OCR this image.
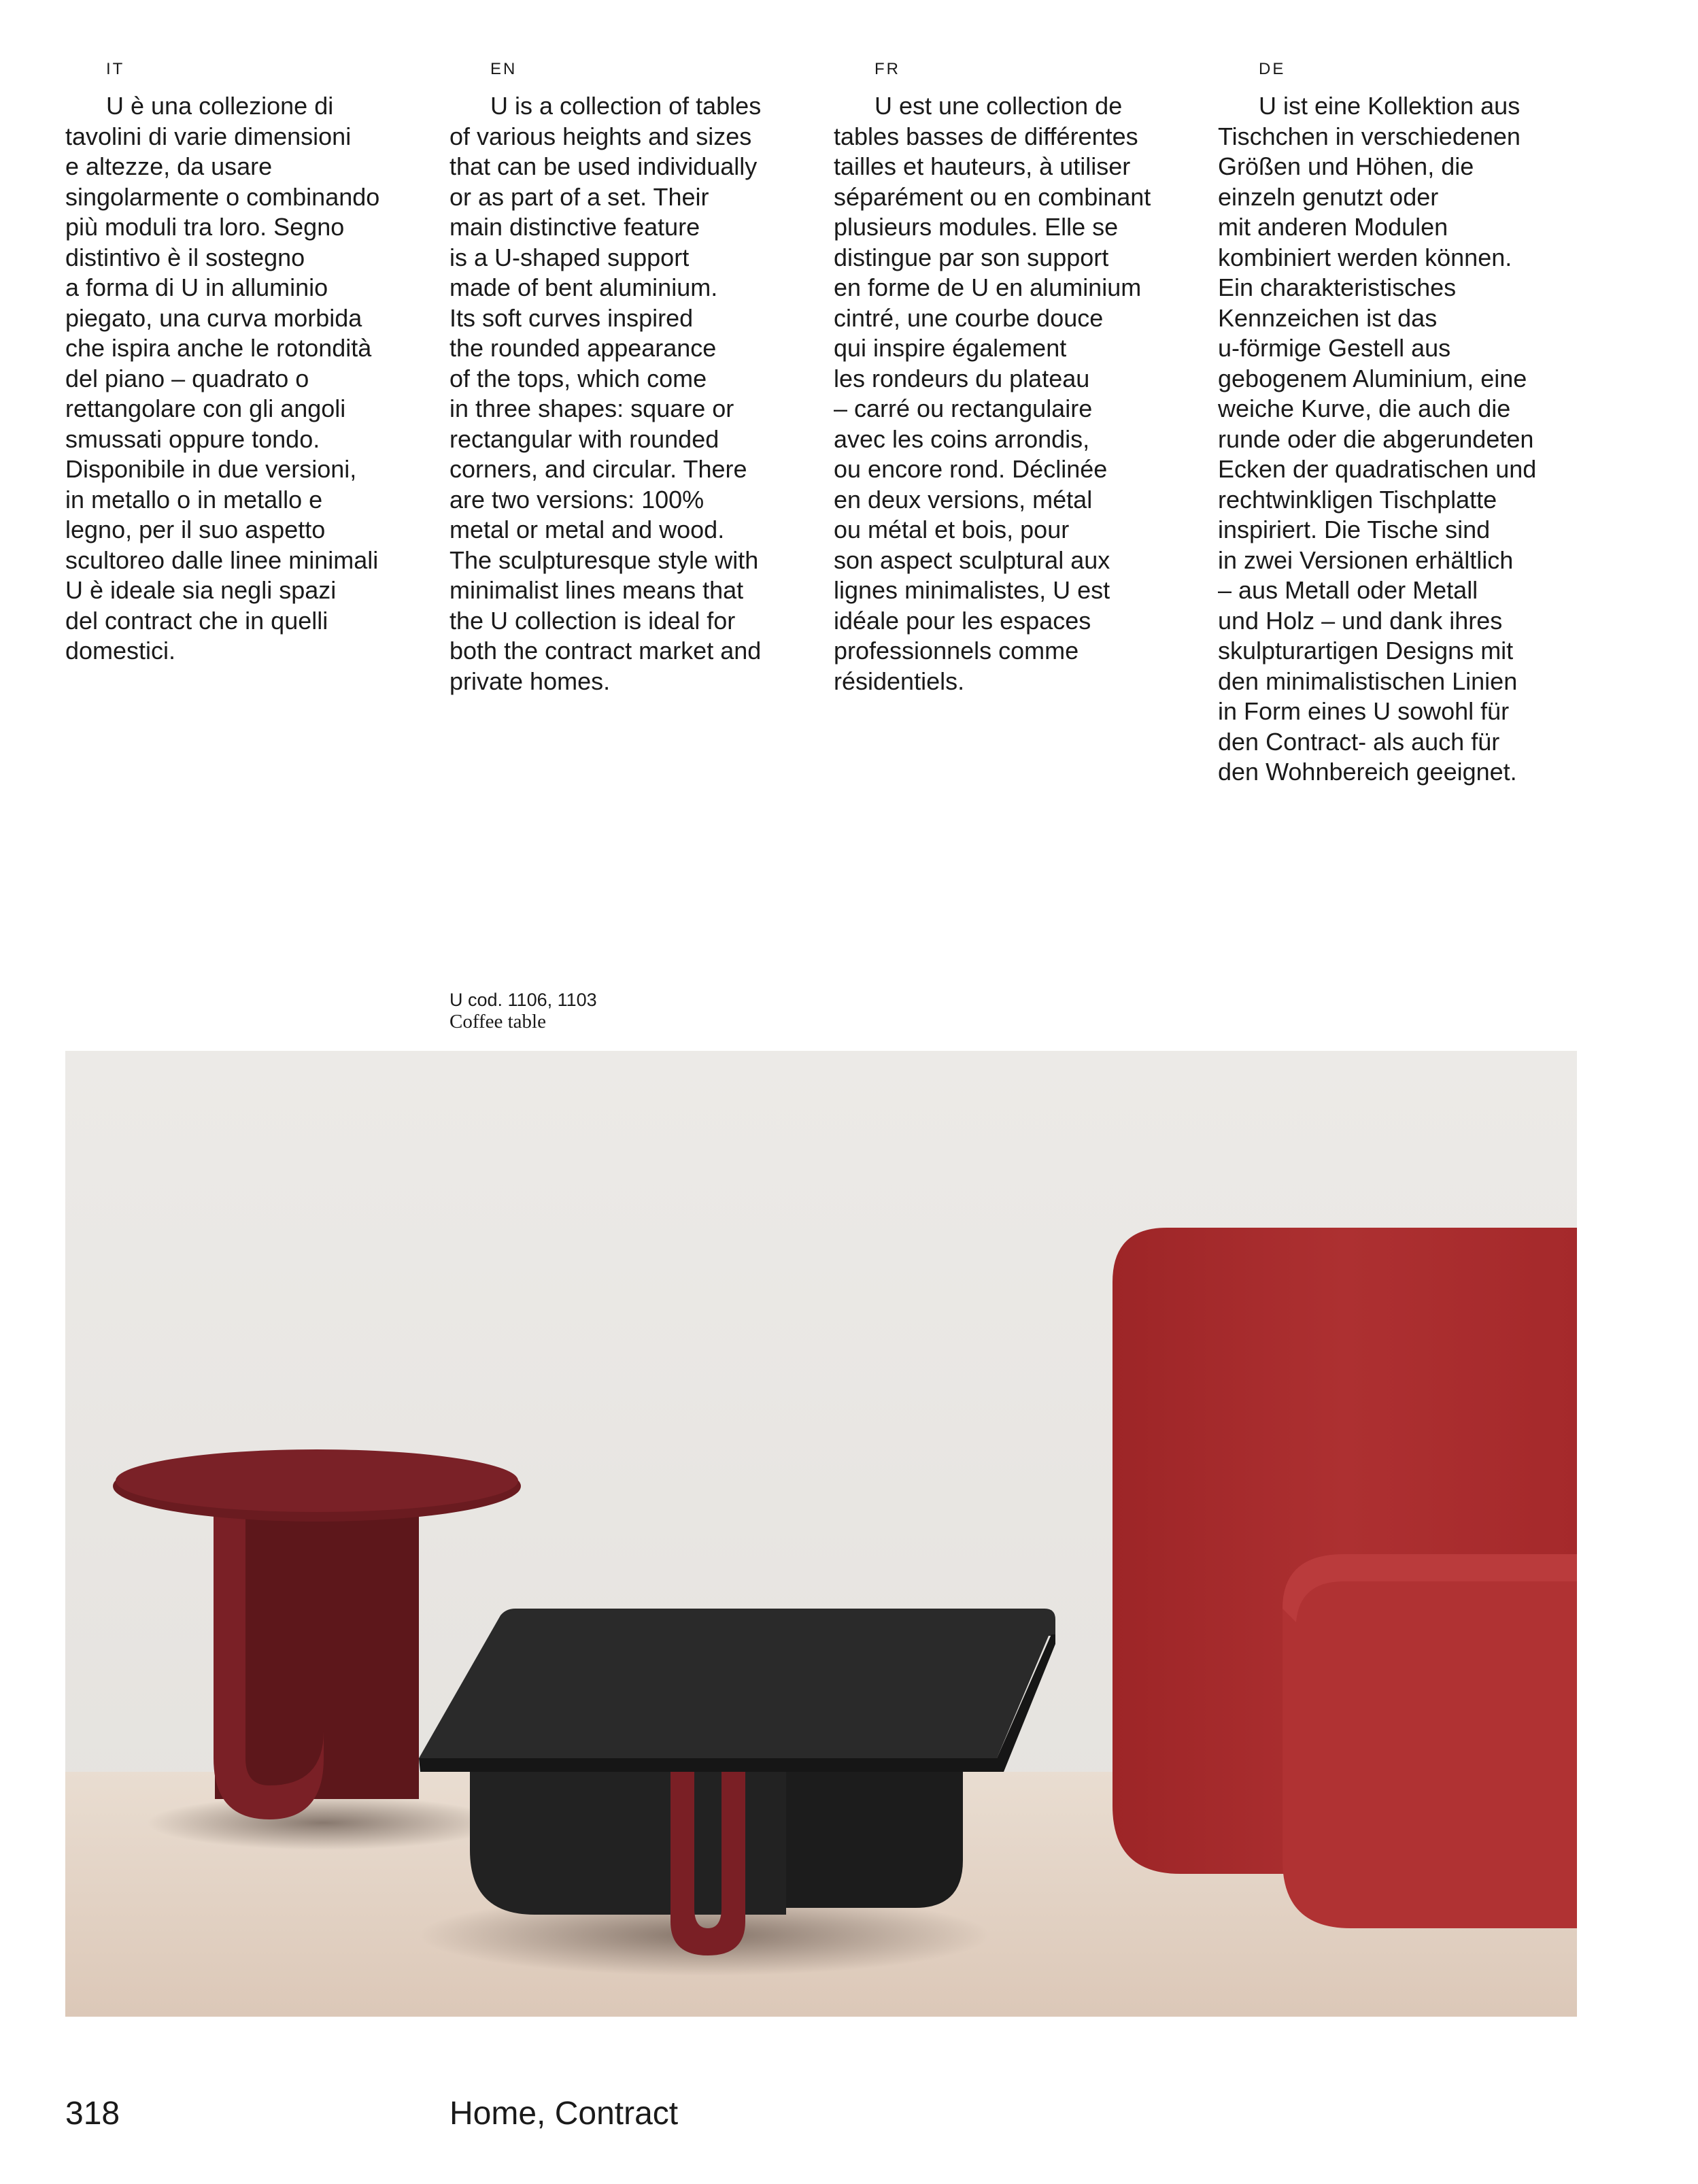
IT

U è una collezione di
tavolini di varie dimensioni
e altezze, da usare
singolarmente o combinando
più moduli tra loro. Segno
distintivo è il sostegno
a forma di U in alluminio
piegato, una curva morbida
che ispira anche le rotondità
del piano – quadrato o
rettangolare con gli angoli
smussati oppure tondo.
Disponibile in due versioni,
in metallo o in metallo e
legno, per il suo aspetto
scultoreo dalle linee minimali
U è ideale sia negli spazi
del contract che in quelli
domestici.

EN

U is a collection of tables
of various heights and sizes
that can be used individually
or as part of a set. Their
main distinctive feature
is a U-shaped support
made of bent aluminium.
Its soft curves inspired
the rounded appearance
of the tops, which come
in three shapes: square or
rectangular with rounded
corners, and circular. There
are two versions: 100%
metal or metal and wood.
The sculpturesque style with
minimalist lines means that
the U collection is ideal for
both the contract market and
private homes.

FR

U est une collection de
tables basses de différentes
tailles et hauteurs, à utiliser
séparément ou en combinant
plusieurs modules. Elle se
distingue par son support
en forme de U en aluminium
cintré, une courbe douce
qui inspire également
les rondeurs du plateau
– carré ou rectangulaire
avec les coins arrondis,
ou encore rond. Déclinée
en deux versions, métal
ou métal et bois, pour
son aspect sculptural aux
lignes minimalistes, U est
idéale pour les espaces
professionnels comme
résidentiels.

DE

U ist eine Kollektion aus
Tischchen in verschiedenen
Größen und Höhen, die
einzeln genutzt oder
mit anderen Modulen
kombiniert werden können.
Ein charakteristisches
Kennzeichen ist das
u-förmige Gestell aus
gebogenem Aluminium, eine
weiche Kurve, die auch die
runde oder die abgerundeten
Ecken der quadratischen und
rechtwinkligen Tischplatte
inspiriert. Die Tische sind
in zwei Versionen erhältlich
– aus Metall oder Metall
und Holz – und dank ihres
skulpturartigen Designs mit
den minimalistischen Linien
in Form eines U sowohl für
den Contract- als auch für
den Wohnbereich geeignet.

U cod. 1106, 1103
Coffee table
318	Home, Contract
